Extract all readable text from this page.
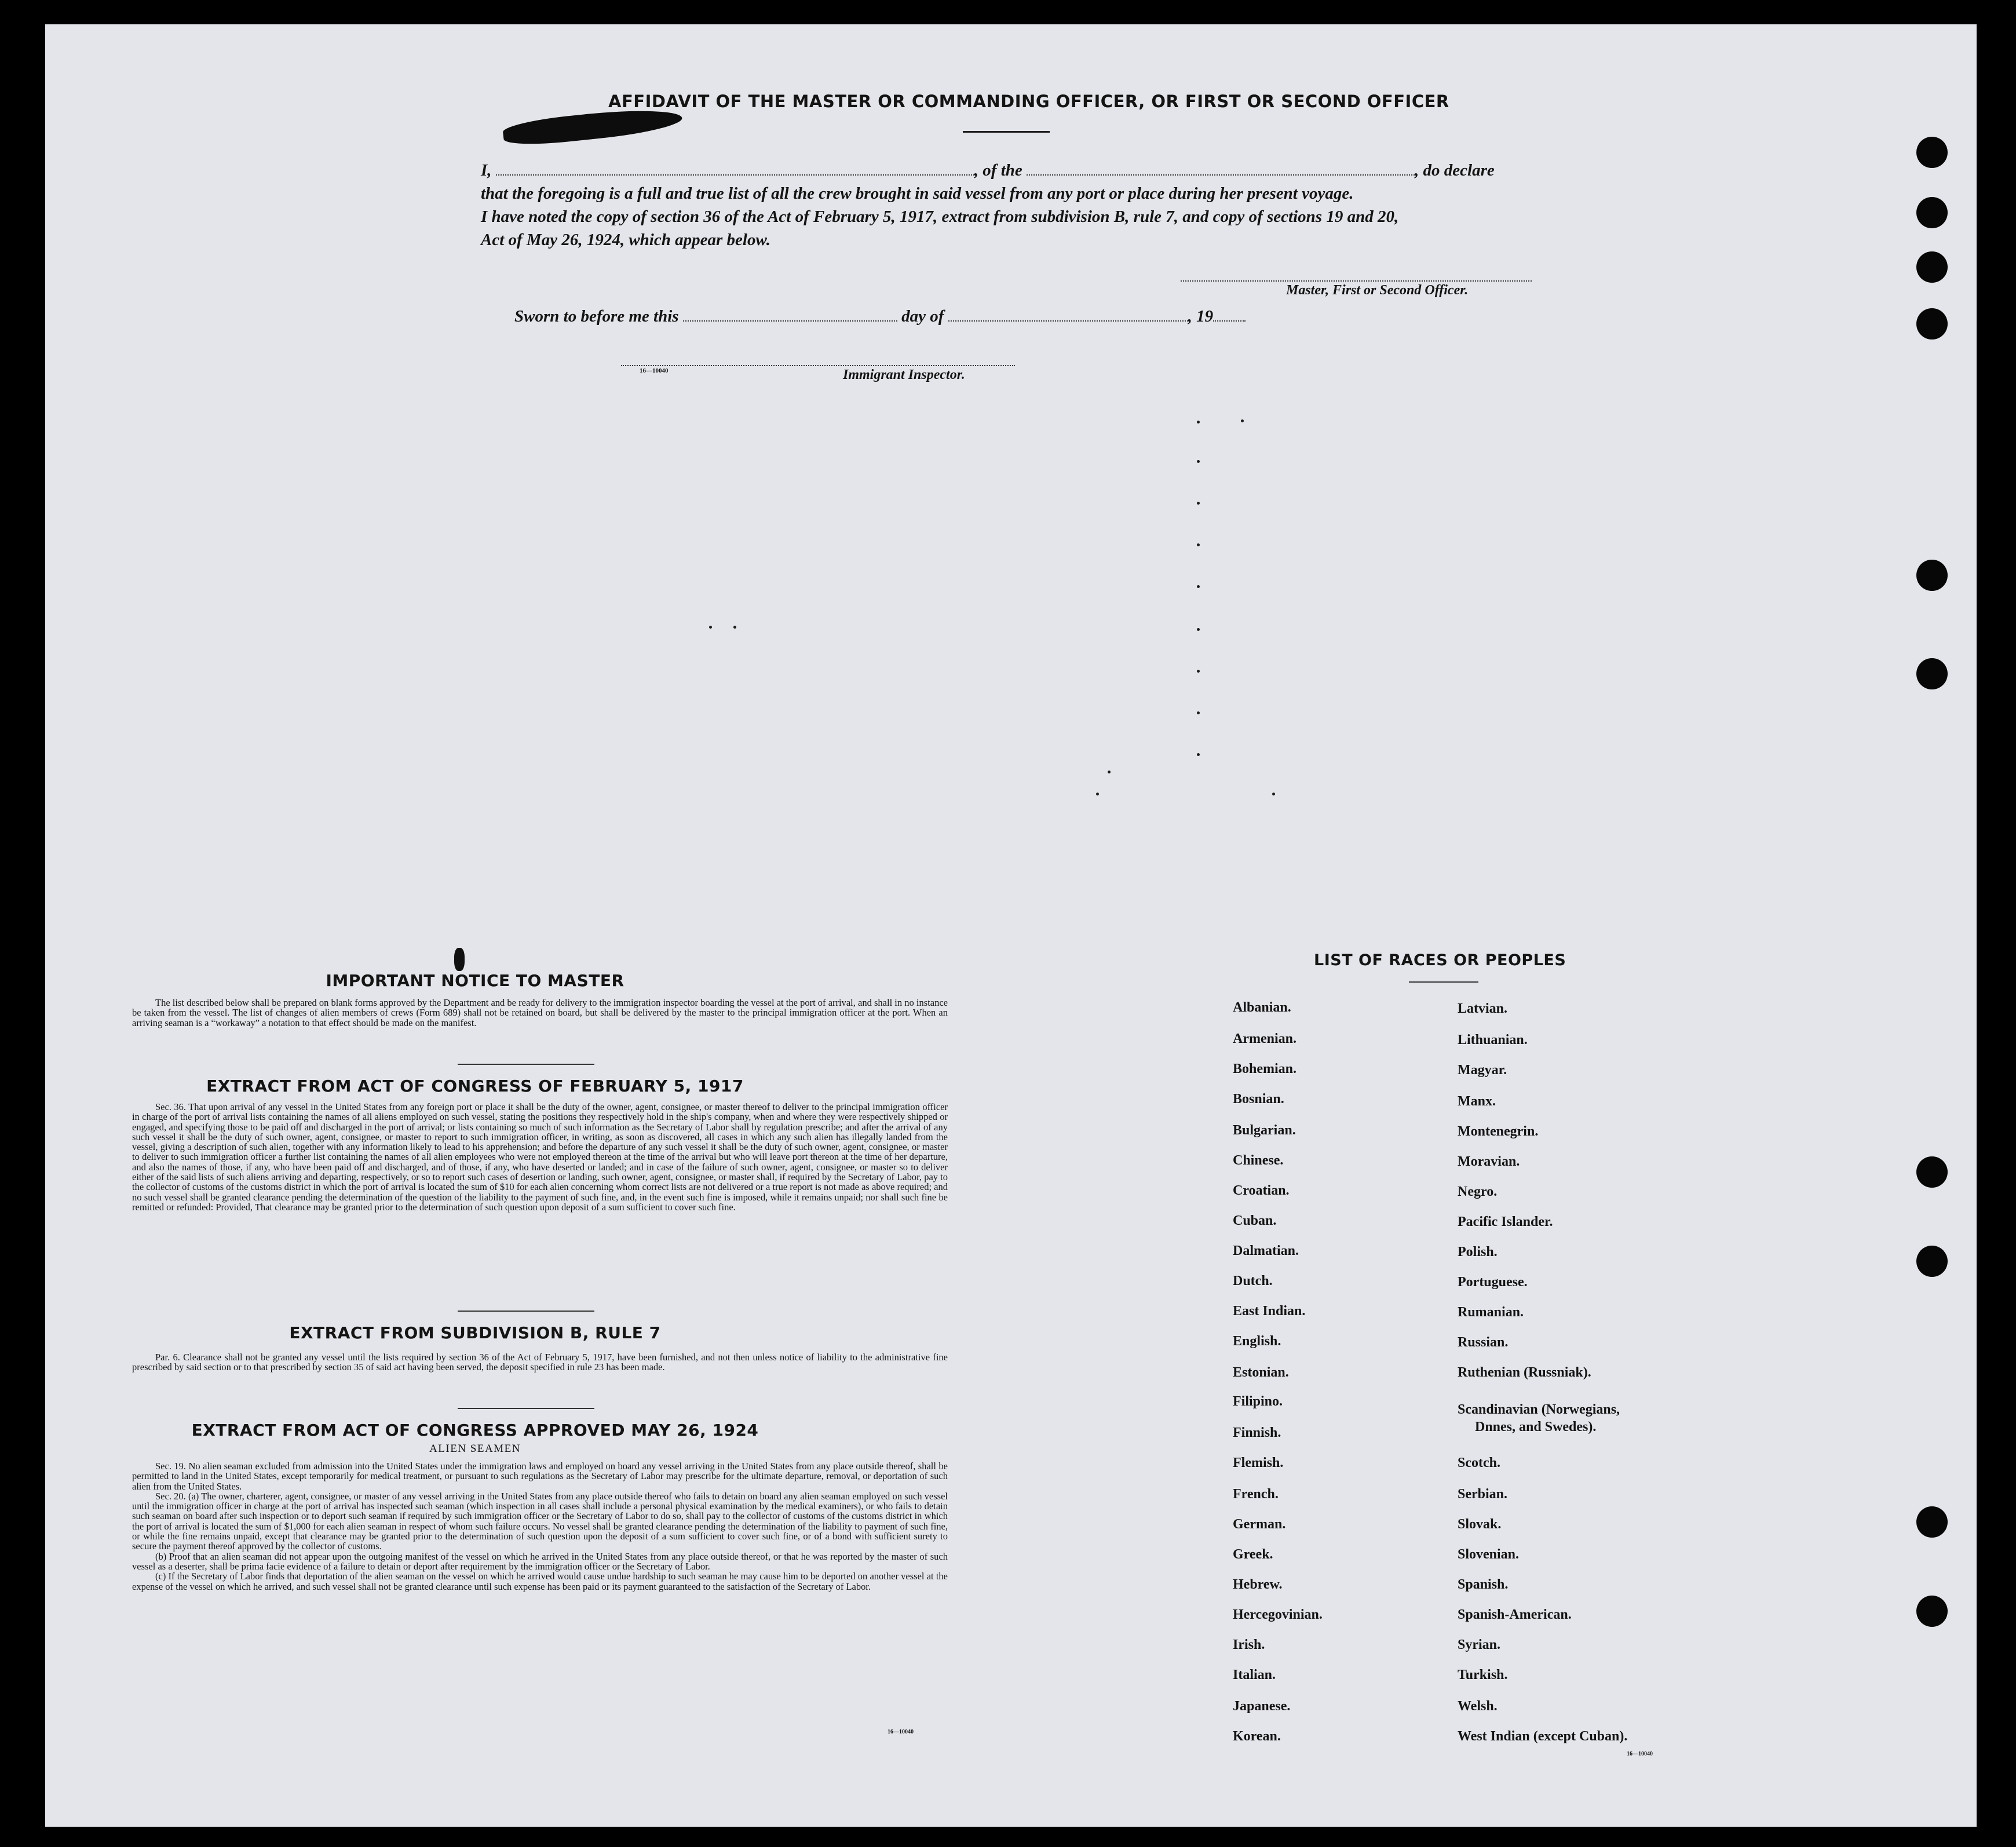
AFFIDAVIT OF THE MASTER OR COMMANDING OFFICER, OR FIRST OR SECOND OFFICER
I,	, of the	, do declare
that the foregoing is a full and true list of all the crew brought in said vessel from any port or place during her present voyage.
I have noted the copy of section 36 of the Act of February 5, 1917, extract from subdivision B, rule 7, and copy of sections 19 and 20,
Act of May 26, 1924, which appear below.
Master, First or Second Officer.
Sworn to before me this	day of	, 19
16—10040	Immigrant Inspector.
IMPORTANT NOTICE TO MASTER

The list described below shall be prepared on blank forms approved by the Department and be ready for delivery to the immigration inspector boarding the vessel at the port of arrival, and shall in no instance be taken from the vessel. The list of changes of alien members of crews (Form 689) shall not be retained on board, but shall be delivered by the master to the principal immigration officer at the port. When an arriving seaman is a “workaway” a notation to that effect should be made on the manifest.

EXTRACT FROM ACT OF CONGRESS OF FEBRUARY 5, 1917

Sec. 36. That upon arrival of any vessel in the United States from any foreign port or place it shall be the duty of the owner, agent, consignee, or master thereof to deliver to the principal immigration officer in charge of the port of arrival lists containing the names of all aliens employed on such vessel, stating the positions they respectively hold in the ship's company, when and where they were respectively shipped or engaged, and specifying those to be paid off and discharged in the port of arrival; or lists containing so much of such information as the Secretary of Labor shall by regulation prescribe; and after the arrival of any such vessel it shall be the duty of such owner, agent, consignee, or master to report to such immigration officer, in writing, as soon as discovered, all cases in which any such alien has illegally landed from the vessel, giving a description of such alien, together with any information likely to lead to his apprehension; and before the departure of any such vessel it shall be the duty of such owner, agent, consignee, or master to deliver to such immigration officer a further list containing the names of all alien employees who were not employed thereon at the time of the arrival but who will leave port thereon at the time of her departure, and also the names of those, if any, who have been paid off and discharged, and of those, if any, who have deserted or landed; and in case of the failure of such owner, agent, consignee, or master so to deliver either of the said lists of such aliens arriving and departing, respectively, or so to report such cases of desertion or landing, such owner, agent, consignee, or master shall, if required by the Secretary of Labor, pay to the collector of customs of the customs district in which the port of arrival is located the sum of $10 for each alien concerning whom correct lists are not delivered or a true report is not made as above required; and no such vessel shall be granted clearance pending the determination of the question of the liability to the payment of such fine, and, in the event such fine is imposed, while it remains unpaid; nor shall such fine be remitted or refunded: Provided, That clearance may be granted prior to the determination of such question upon deposit of a sum sufficient to cover such fine.

EXTRACT FROM SUBDIVISION B, RULE 7

Par. 6. Clearance shall not be granted any vessel until the lists required by section 36 of the Act of February 5, 1917, have been furnished, and not then unless notice of liability to the administrative fine prescribed by said section or to that prescribed by section 35 of said act having been served, the deposit specified in rule 23 has been made.

EXTRACT FROM ACT OF CONGRESS APPROVED MAY 26, 1924
ALIEN SEAMEN

Sec. 19. No alien seaman excluded from admission into the United States under the immigration laws and employed on board any vessel arriving in the United States from any place outside thereof, shall be permitted to land in the United States, except temporarily for medical treatment, or pursuant to such regulations as the Secretary of Labor may prescribe for the ultimate departure, removal, or deportation of such alien from the United States.

Sec. 20. (a) The owner, charterer, agent, consignee, or master of any vessel arriving in the United States from any place outside thereof who fails to detain on board any alien seaman employed on such vessel until the immigration officer in charge at the port of arrival has inspected such seaman (which inspection in all cases shall include a personal physical examination by the medical examiners), or who fails to detain such seaman on board after such inspection or to deport such seaman if required by such immigration officer or the Secretary of Labor to do so, shall pay to the collector of customs of the customs district in which the port of arrival is located the sum of $1,000 for each alien seaman in respect of whom such failure occurs. No vessel shall be granted clearance pending the determination of the liability to payment of such fine, or while the fine remains unpaid, except that clearance may be granted prior to the determination of such question upon the deposit of a sum sufficient to cover such fine, or of a bond with sufficient surety to secure the payment thereof approved by the collector of customs.

(b) Proof that an alien seaman did not appear upon the outgoing manifest of the vessel on which he arrived in the United States from any place outside thereof, or that he was reported by the master of such vessel as a deserter, shall be prima facie evidence of a failure to detain or deport after requirement by the immigration officer or the Secretary of Labor.

(c) If the Secretary of Labor finds that deportation of the alien seaman on the vessel on which he arrived would cause undue hardship to such seaman he may cause him to be deported on another vessel at the expense of the vessel on which he arrived, and such vessel shall not be granted clearance until such expense has been paid or its payment guaranteed to the satisfaction of the Secretary of Labor.

16—10040
LIST OF RACES OR PEOPLES
Albanian.
Armenian.
Bohemian.
Bosnian.
Bulgarian.
Chinese.
Croatian.
Cuban.
Dalmatian.
Dutch.
East Indian.
English.
Estonian.
Filipino.
Finnish.
Flemish.
French.
German.
Greek.
Hebrew.
Hercegovinian.
Irish.
Italian.
Japanese.
Korean.
Latvian.
Lithuanian.
Magyar.
Manx.
Montenegrin.
Moravian.
Negro.
Pacific Islander.
Polish.
Portuguese.
Rumanian.
Russian.
Ruthenian (Russniak).
Scandinavian (Norwegians,
Dnnes, and Swedes).
Scotch.
Serbian.
Slovak.
Slovenian.
Spanish.
Spanish-American.
Syrian.
Turkish.
Welsh.
West Indian (except Cuban).
16—10040
